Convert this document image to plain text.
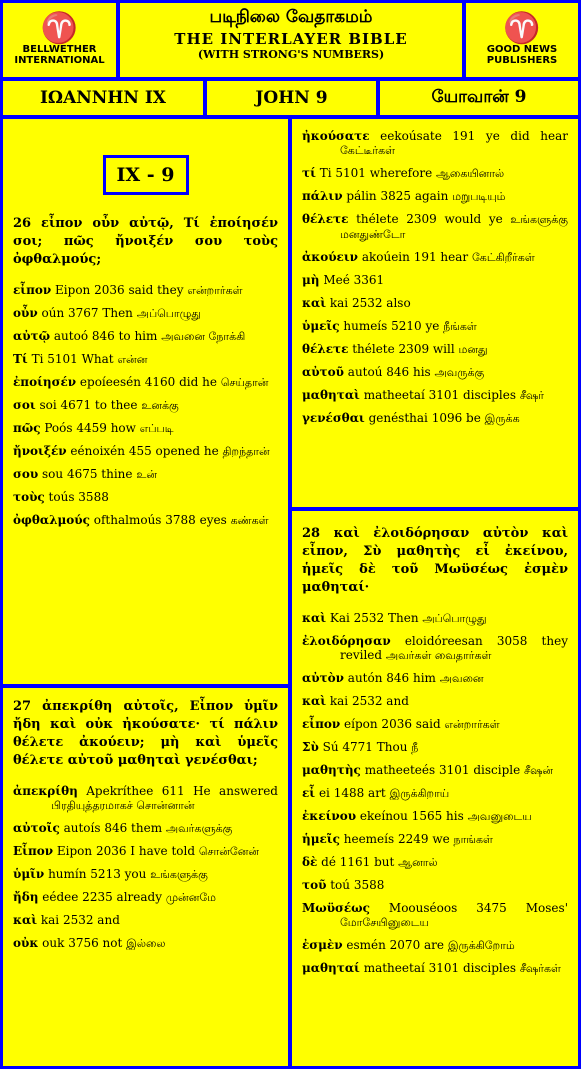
♈
BELLWETHER INTERNATIONAL
படிநிலை வேதாகமம்
THE INTERLAYER BIBLE
(WITH STRONG'S NUMBERS)
♈
GOOD NEWS PUBLISHERS
ΙΩΑΝΝΗΝ IX	JOHN 9	யோவான் 9
IX - 9
26 εἶπον οὖν αὐτῷ, Τί ἐποίησέν σοι; πῶς ἤνοιξέν σου τοὺς ὀφθαλμούς;
εἶπον Eipon 2036 said they என்றார்கள்
οὖν oún 3767 Then அப்பொழுது
αὐτῷ autoó 846 to him அவனை நோக்கி
Τί Ti 5101 What என்ன
ἐποίησέν epoíeesén 4160 did he செய்தான்
σοι soi 4671 to thee உனக்கு
πῶς Poós 4459 how எப்படி
ἤνοιξέν eénoixén 455 opened he திறந்தான்
σου sou 4675 thine உன்
τοὺς toús 3588
ὀφθαλμούς ofthalmoús 3788 eyes கண்கள்
27 ἀπεκρίθη αὐτοῖς, Εἶπον ὑμῖν ἤδη καὶ οὐκ ἠκούσατε· τί πάλιν θέλετε ἀκούειν; μὴ καὶ ὑμεῖς θέλετε αὐτοῦ μαθηταὶ γενέσθαι;
ἀπεκρίθη Apekríthee 611 He answered பிரதியுத்தரமாகச் சொன்னான்
αὐτοῖς autoís 846 them அவர்களுக்கு
Εἶπον Eipon 2036 I have told சொன்னேன்
ὑμῖν humín 5213 you உங்களுக்கு
ἤδη eédee 2235 already முன்னமே
καὶ kai 2532 and
οὐκ ouk 3756 not இல்லை
ἠκούσατε eekoúsate 191 ye did hear கேட்டீர்கள்
τί Ti 5101 wherefore ஆகையினால்
πάλιν pálin 3825 again மறுபடியும்
θέλετε thélete 2309 would ye உங்களுக்கு மனதுண்டோ
ἀκούειν akoúein 191 hear கேட்கிறீர்கள்
μὴ Meé 3361
καὶ kai 2532 also
ὑμεῖς humeís 5210 ye நீங்கள்
θέλετε thélete 2309 will மனது
αὐτοῦ autoú 846 his அவருக்கு
μαθηταὶ matheetaí 3101 disciples சீஷர்
γενέσθαι genésthai 1096 be இருக்க
28 καὶ ἐλοιδόρησαν αὐτὸν καὶ εἶπον, Σὺ μαθητὴς εἶ ἐκείνου, ἡμεῖς δὲ τοῦ Μωϋσέως ἐσμὲν μαθηταί·
καὶ Kai 2532 Then அப்பொழுது
ἐλοιδόρησαν eloidóreesan 3058 they reviled அவர்கள் வைதார்கள்
αὐτὸν autón 846 him அவனை
καὶ kai 2532 and
εἶπον eípon 2036 said என்றார்கள்
Σὺ Sú 4771 Thou நீ
μαθητὴς matheeteés 3101 disciple சீஷன்
εἶ ei 1488 art இருக்கிறாய்
ἐκείνου ekeínou 1565 his அவனுடைய
ἡμεῖς heemeís 2249 we நாங்கள்
δὲ dé 1161 but ஆனால்
τοῦ toú 3588
Μωϋσέως Moouséoos 3475 Moses' மோசேயினுடைய
ἐσμὲν esmén 2070 are இருக்கிறோம்
μαθηταί matheetaí 3101 disciples சீஷர்கள்
